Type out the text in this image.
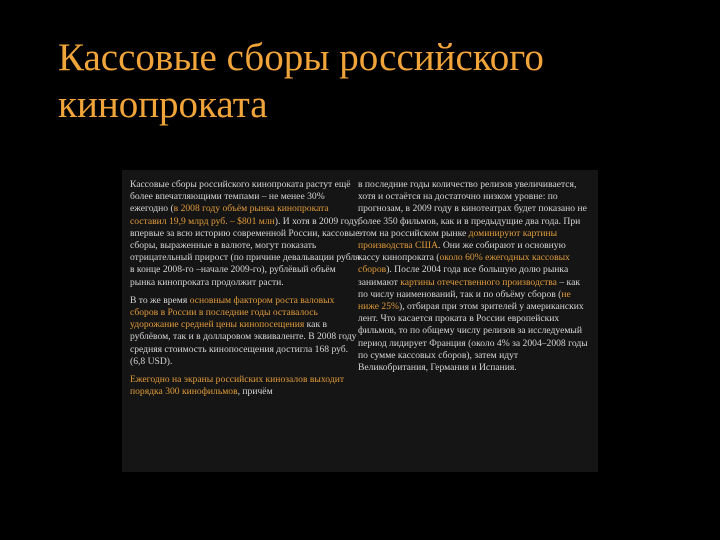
Кассовые сборы российского кинопроката

Кассовые сборы российского кинопроката растут ещё более впечатляющими темпами – не менее 30% ежегодно (в 2008 году объём рынка кинопроката составил 19,9 млрд руб. – $801 млн). И хотя в 2009 году, впервые за всю историю современной России, кассовые сборы, выраженные в валюте, могут показать отрицательный прирост (по причине девальвации рубля в конце 2008-го –начале 2009-го), рублёвый объём рынка кинопроката продолжит расти.

В то же время основным фактором роста валовых сборов в России в последние годы оставалось удорожание средней цены кинопосещения как в рублёвом, так и в долларовом эквиваленте. В 2008 году средняя стоимость кинопосещения достигла 168 руб. (6,8 USD).

Ежегодно на экраны российских кинозалов выходит порядка 300 кинофильмов, причём

в последние годы количество релизов увеличивается, хотя и остаётся на достаточно низком уровне: по прогнозам, в 2009 году в кинотеатрах будет показано не более 350 фильмов, как и в предыдущие два года. При этом на российском рынке доминируют картины производства США. Они же собирают и основную кассу кинопроката (около 60% ежегодных кассовых сборов). После 2004 года все большую долю рынка занимают картины отечественного производства – как по числу наименований, так и по объёму сборов (не ниже 25%), отбирая при этом зрителей у американских лент. Что касается проката в России европейских фильмов, то по общему числу релизов за исследуемый период лидирует Франция (около 4% за 2004–2008 годы по сумме кассовых сборов), затем идут Великобритания, Германия и Испания.
